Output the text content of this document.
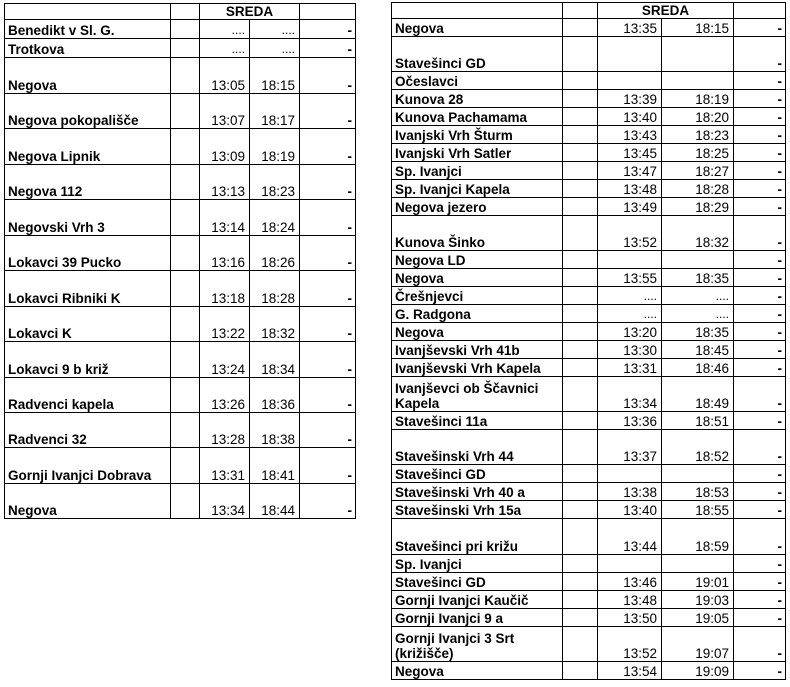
		SREDA		
Benedikt v Sl. G.		....	....	-
Trotkova		....	....	-
Negova		13:05	18:15	-
Negova pokopališče		13:07	18:17	-
Negova Lipnik		13:09	18:19	-
Negova 112		13:13	18:23	-
Negovski Vrh 3		13:14	18:24	-
Lokavci 39 Pucko		13:16	18:26	-
Lokavci Ribniki K		13:18	18:28	-
Lokavci K		13:22	18:32	-
Lokavci 9 b križ		13:24	18:34	-
Radvenci kapela		13:26	18:36	-
Radvenci 32		13:28	18:38	-
Gornji Ivanjci Dobrava		13:31	18:41	-
Negova		13:34	18:44	-
		SREDA		
Negova		13:35	18:15	-
Stavešinci GD				-
Očeslavci				-
Kunova 28		13:39	18:19	-
Kunova Pachamama		13:40	18:20	-
Ivanjski Vrh Šturm		13:43	18:23	-
Ivanjski Vrh Satler		13:45	18:25	-
Sp. Ivanjci		13:47	18:27	-
Sp. Ivanjci Kapela		13:48	18:28	-
Negova jezero		13:49	18:29	-
Kunova Šinko		13:52	18:32	-
Negova LD				-
Negova		13:55	18:35	-
Črešnjevci		....	....	-
G. Radgona		....	....	-
Negova		13:20	18:35	-
Ivanjševski Vrh 41b		13:30	18:45	-
Ivanjševski Vrh Kapela		13:31	18:46	-
Ivanjševci ob Ščavnici Kapela		13:34	18:49	-
Stavešinci 11a		13:36	18:51	-
Stavešinski Vrh 44		13:37	18:52	-
Stavešinci GD				-
Stavešinski Vrh 40 a		13:38	18:53	-
Stavešinski Vrh 15a		13:40	18:55	-
Stavešinci pri križu		13:44	18:59	-
Sp. Ivanjci				-
Stavešinci GD		13:46	19:01	-
Gornji Ivanjci Kaučič		13:48	19:03	-
Gornji Ivanjci 9 a		13:50	19:05	-
Gornji Ivanjci 3 Srt (križišče)		13:52	19:07	-
Negova		13:54	19:09	-
